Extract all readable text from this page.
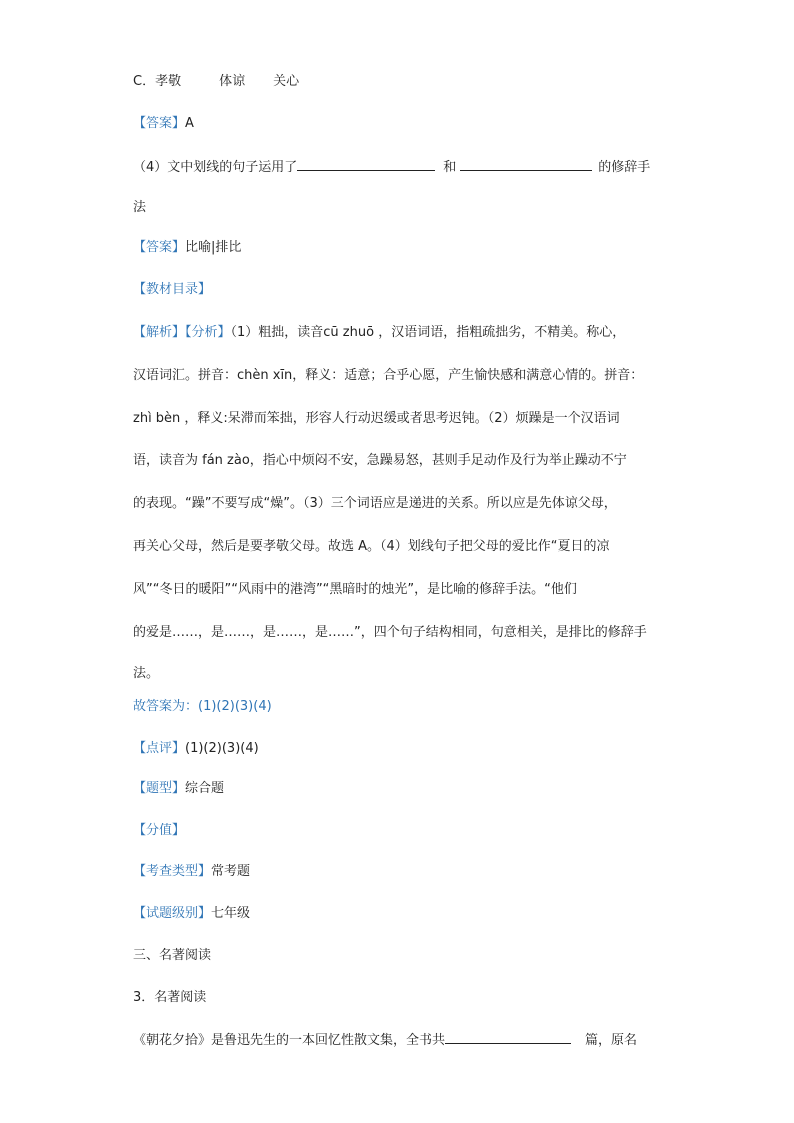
C．孝敬	体谅 关心
【答案】A
（4）文中划线的句子运用了	和	的修辞手
法
【答案】比喻|排比
【教材目录】
【解析】【分析】（1）粗拙，读音cū zhuō ，汉语词语，指粗疏拙劣，不精美。称心，
汉语词汇。拼音：chèn xīn，释义：适意；合乎心愿，产生愉快感和满意心情的。拼音：
zhì bèn ，释义:呆滞而笨拙，形容人行动迟缓或者思考迟钝。（2）烦躁是一个汉语词
语，读音为 fán zào，指心中烦闷不安，急躁易怒，甚则手足动作及行为举止躁动不宁
的表现。“躁”不要写成“燥”。（3）三个词语应是递进的关系。所以应是先体谅父母，
再关心父母，然后是要孝敬父母。故选 A。（4）划线句子把父母的爱比作“夏日的凉
风”“冬日的暖阳”“风雨中的港湾”“黑暗时的烛光”，是比喻的修辞手法。“他们
的爱是……，是……，是……，是……”，四个句子结构相同，句意相关，是排比的修辞手
法。
故答案为：(1)(2)(3)(4)
【点评】(1)(2)(3)(4)
【题型】综合题
【分值】
【考查类型】常考题
【试题级别】七年级
三、名著阅读
3．名著阅读
《朝花夕拾》是鲁迅先生的一本回忆性散文集，全书共	篇，原名
